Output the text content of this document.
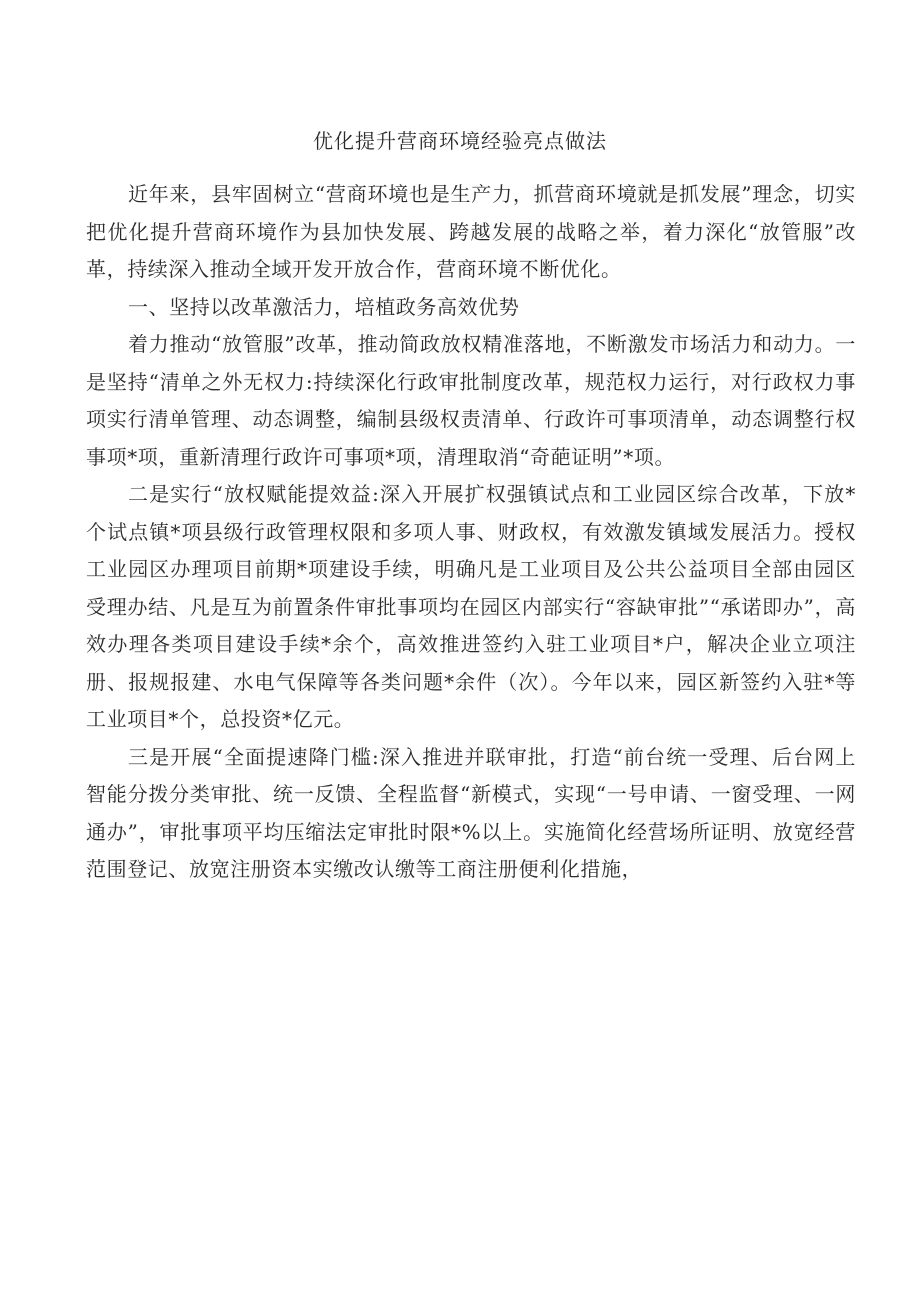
优化提升营商环境经验亮点做法

近年来，县牢固树立“营商环境也是生产力，抓营商环境就是抓发展”理念，切实把优化提升营商环境作为县加快发展、跨越发展的战略之举，着力深化“放管服”改革，持续深入推动全域开发开放合作，营商环境不断优化。

一、坚持以改革激活力，培植政务高效优势

着力推动“放管服”改革，推动简政放权精准落地，不断激发市场活力和动力。一是坚持“清单之外无权力:持续深化行政审批制度改革，规范权力运行，对行政权力事项实行清单管理、动态调整，编制县级权责清单、行政许可事项清单，动态调整行权事项*项，重新清理行政许可事项*项，清理取消“奇葩证明”*项。

二是实行“放权赋能提效益:深入开展扩权强镇试点和工业园区综合改革，下放*个试点镇*项县级行政管理权限和多项人事、财政权，有效激发镇域发展活力。授权工业园区办理项目前期*项建设手续，明确凡是工业项目及公共公益项目全部由园区受理办结、凡是互为前置条件审批事项均在园区内部实行“容缺审批”“承诺即办”，高效办理各类项目建设手续*余个，高效推进签约入驻工业项目*户，解决企业立项注册、报规报建、水电气保障等各类问题*余件（次）。今年以来，园区新签约入驻*等工业项目*个，总投资*亿元。

三是开展“全面提速降门槛:深入推进并联审批，打造“前台统一受理、后台网上智能分拨分类审批、统一反馈、全程监督“新模式，实现“一号申请、一窗受理、一网通办”，审批事项平均压缩法定审批时限*%以上。实施简化经营场所证明、放宽经营范围登记、放宽注册资本实缴改认缴等工商注册便利化措施，
